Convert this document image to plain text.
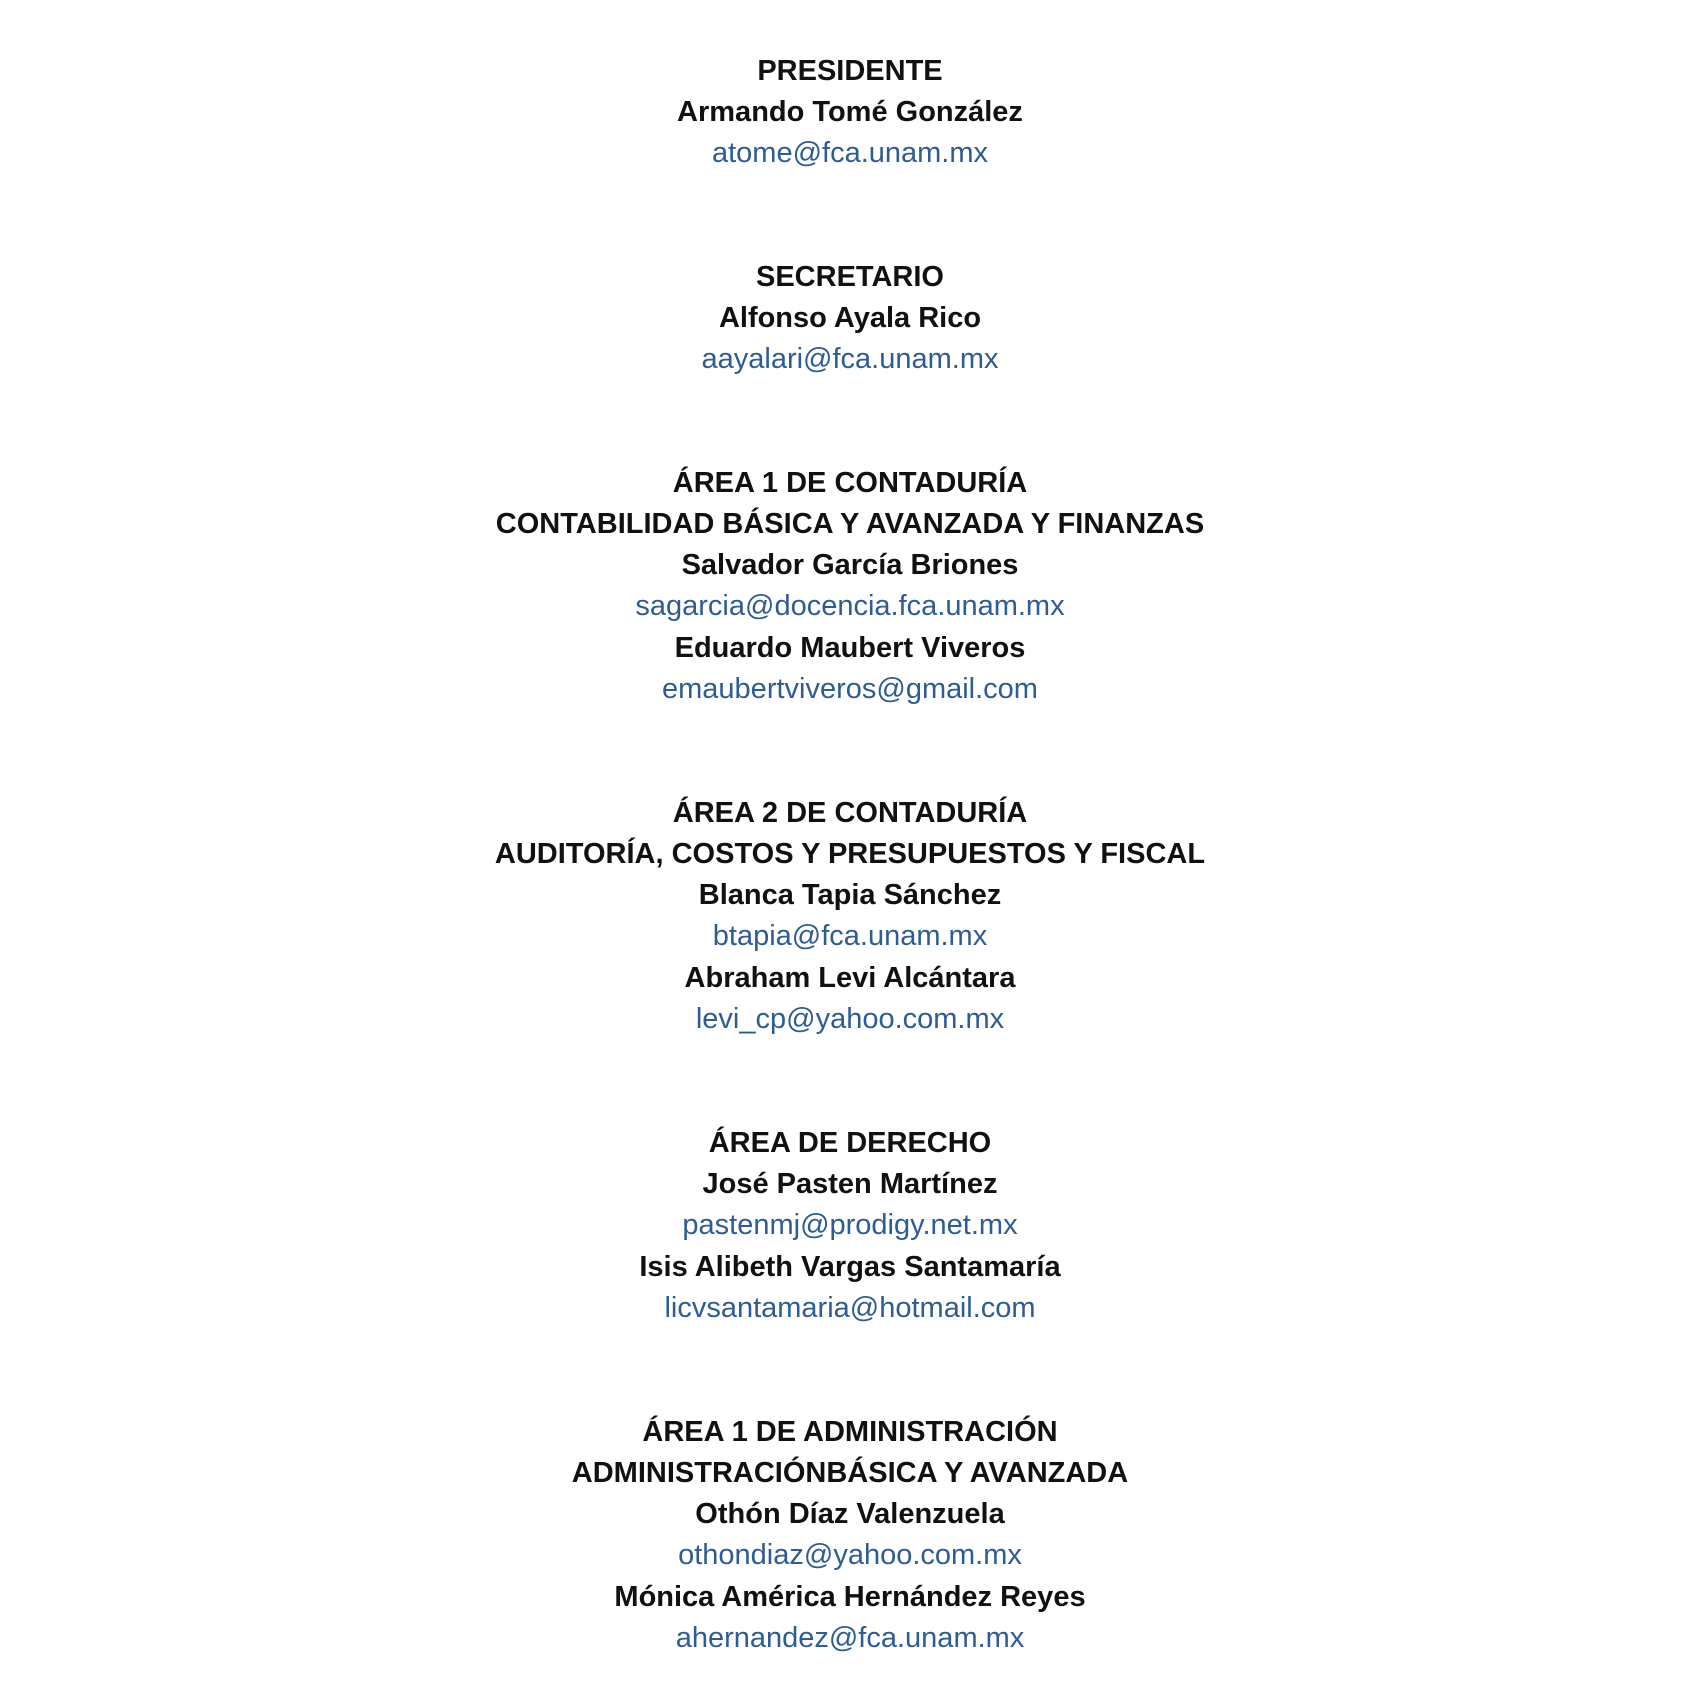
PRESIDENTE
Armando Tomé González
atome@fca.unam.mx
SECRETARIO
Alfonso Ayala Rico
aayalari@fca.unam.mx
ÁREA 1 DE CONTADURÍA
CONTABILIDAD BÁSICA Y AVANZADA Y FINANZAS
Salvador García Briones
sagarcia@docencia.fca.unam.mx
Eduardo Maubert Viveros
emaubertviveros@gmail.com
ÁREA 2 DE CONTADURÍA
AUDITORÍA, COSTOS Y PRESUPUESTOS Y FISCAL
Blanca Tapia Sánchez
btapia@fca.unam.mx
Abraham Levi Alcántara
levi_cp@yahoo.com.mx
ÁREA DE DERECHO
José Pasten Martínez
pastenmj@prodigy.net.mx
Isis Alibeth Vargas Santamaría
licvsantamaria@hotmail.com
ÁREA 1 DE ADMINISTRACIÓN
ADMINISTRACIÓNBÁSICA Y AVANZADA
Othón Díaz Valenzuela
othondiaz@yahoo.com.mx
Mónica América Hernández Reyes
ahernandez@fca.unam.mx
